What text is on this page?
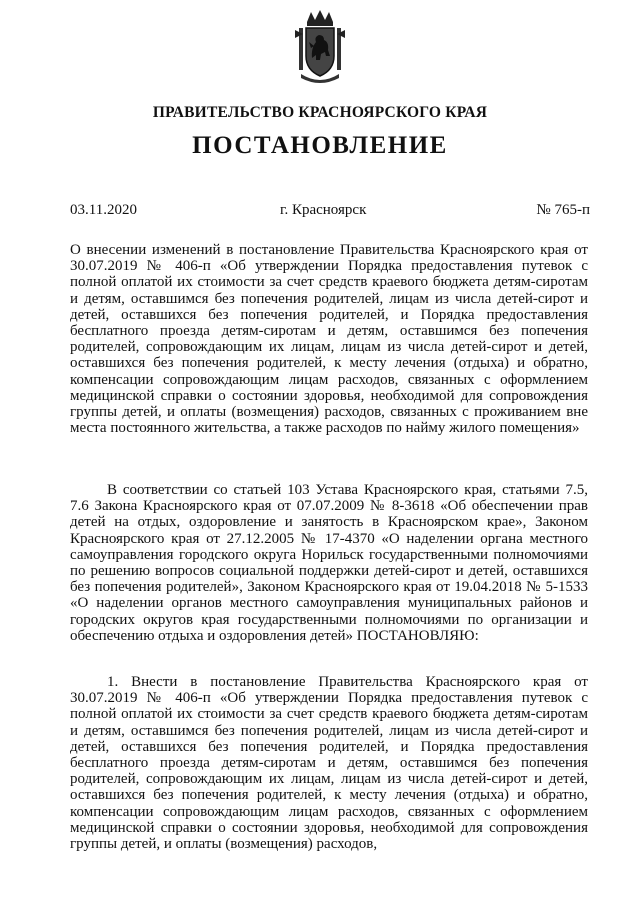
ПРАВИТЕЛЬСТВО КРАСНОЯРСКОГО КРАЯ
ПОСТАНОВЛЕНИЕ
03.11.2020	г. Красноярск	№ 765-п
О внесении изменений в постановление Правительства Красноярского края от 30.07.2019 № 406-п «Об утверждении Порядка предоставления путевок с полной оплатой их стоимости за счет средств краевого бюджета детям-сиротам и детям, оставшимся без попечения родителей, лицам из числа детей-сирот и детей, оставшихся без попечения родителей, и Порядка предоставления бесплатного проезда детям-сиротам и детям, оставшимся без попечения родителей, сопровождающим их лицам, лицам из числа детей-сирот и детей, оставшихся без попечения родителей, к месту лечения (отдыха) и обратно, компенсации сопровождающим лицам расходов, связанных с оформлением медицинской справки о состоянии здоровья, необходимой для сопровождения группы детей, и оплаты (возмещения) расходов, связанных с проживанием вне места постоянного жительства, а также расходов по найму жилого помещения»
В соответствии со статьей 103 Устава Красноярского края, статьями 7.5, 7.6 Закона Красноярского края от 07.07.2009 № 8-3618 «Об обеспечении прав детей на отдых, оздоровление и занятость в Красноярском крае», Законом Красноярского края от 27.12.2005 № 17-4370 «О наделении органа местного самоуправления городского округа Норильск государственными полномочиями по решению вопросов социальной поддержки детей-сирот и детей, оставшихся без попечения родителей», Законом Красноярского края от 19.04.2018 № 5-1533 «О наделении органов местного самоуправления муниципальных районов и городских округов края государственными полномочиями по организации и обеспечению отдыха и оздоровления детей» ПОСТАНОВЛЯЮ:
1. Внести в постановление Правительства Красноярского края от 30.07.2019 № 406-п «Об утверждении Порядка предоставления путевок с полной оплатой их стоимости за счет средств краевого бюджета детям-сиротам и детям, оставшимся без попечения родителей, лицам из числа детей-сирот и детей, оставшихся без попечения родителей, и Порядка предоставления бесплатного проезда детям-сиротам и детям, оставшимся без попечения родителей, сопровождающим их лицам, лицам из числа детей-сирот и детей, оставшихся без попечения родителей, к месту лечения (отдыха) и обратно, компенсации сопровождающим лицам расходов, связанных с оформлением медицинской справки о состоянии здоровья, необходимой для сопровождения группы детей, и оплаты (возмещения) расходов,
